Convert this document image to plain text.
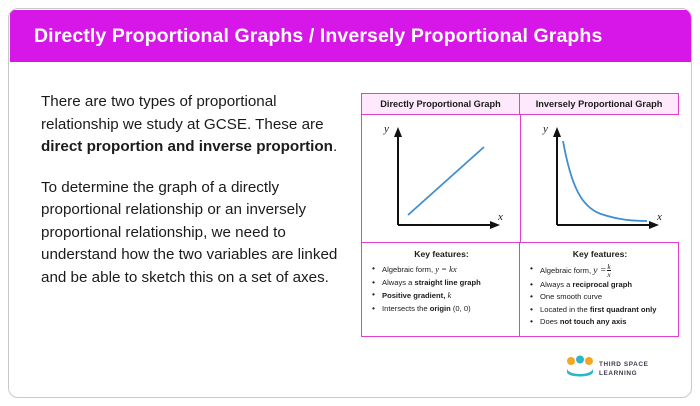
Directly Proportional Graphs / Inversely Proportional Graphs

There are two types of proportional relationship we study at GCSE. These are direct proportion and inverse proportion.

To determine the graph of a directly proportional relationship or an inversely proportional relationship, we need to understand how the two variables are linked and be able to sketch this on a set of axes.

Directly Proportional Graph	Inversely Proportional Graph
y
x
y
x
Key features:
• Algebraic form, y = kx
• Always a straight line graph
• Positive gradient, k
• Intersects the origin (0, 0)
Key features:
• Algebraic form, $y = \frac{k}{x}$
• Always a reciprocal graph
• One smooth curve
• Located in the first quadrant only
• Does not touch any axis
THIRD SPACE
LEARNING
